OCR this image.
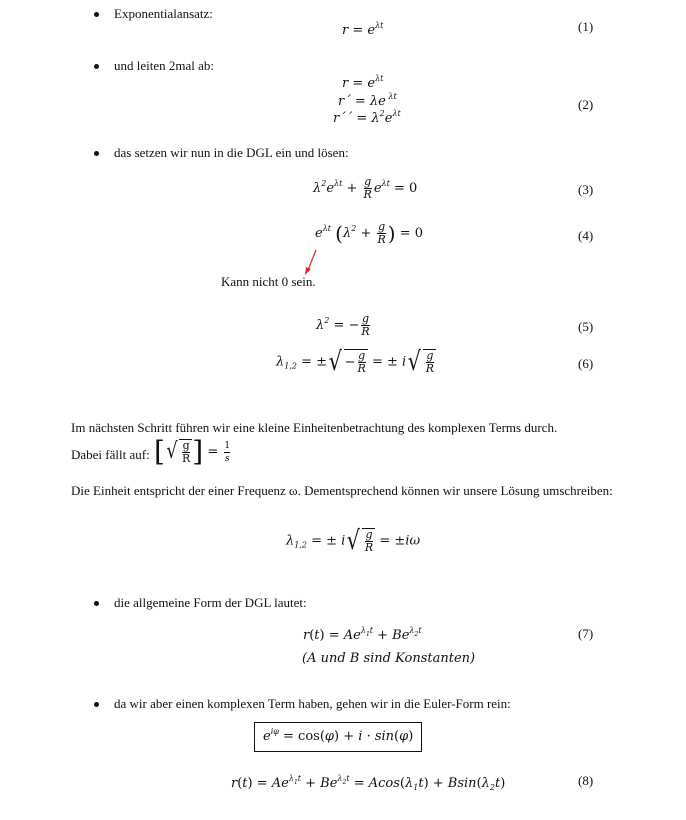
Exponentialansatz:
$r = e^{\lambda t}$	(1)
und leiten 2mal ab:
$r = e^{\lambda t}$
r´ = λe $^{\lambda t}$
r´´ = $\lambda^2e^{\lambda t}$
(2)
das setzen wir nun in die DGL ein und lösen:
$\lambda^2e^{\lambda t} + \frac{g}{R} e^{\lambda t} = 0$	(3)
$e^{\lambda t}$ ($\lambda^2 + \frac{g}{R}$ ) = 0	(4)
Kann nicht 0 sein.
$\lambda^2$ = − $\frac{g}{R}$	(5)
$\lambda_{1,2}$ = ±√ − $\frac{g}{R}$ = ± $i√ \frac{g}{R}$	(6)
Im nächsten Schritt führen wir eine kleine Einheitenbetrachtung des komplexen Terms durch.
Dabei fällt auf: [√ $\frac{g}{R}$ ] = $\frac{1}{s}$
Die Einheit entspricht der einer Frequenz ω. Dementsprechend können wir unsere Lösung umschreiben:
$\lambda_{1,2}$ = ± $i√ \frac{g}{R} = \pm i\omega$
die allgemeine Form der DGL lautet:
$r(t) = Ae^{\lambda_1t} + Be^{\lambda_2t}$	(7)
(A und B sind Konstanten)
da wir aber einen komplexen Term haben, gehen wir in die Euler-Form rein:
$e^{i\varphi} = \cos(\varphi) + i \cdot \sin(\varphi)$
$r(t) = Ae^{\lambda_1t} + Be^{\lambda_2t} = Acos(\lambda_1t) + Bsin(\lambda_2t)$	(8)
